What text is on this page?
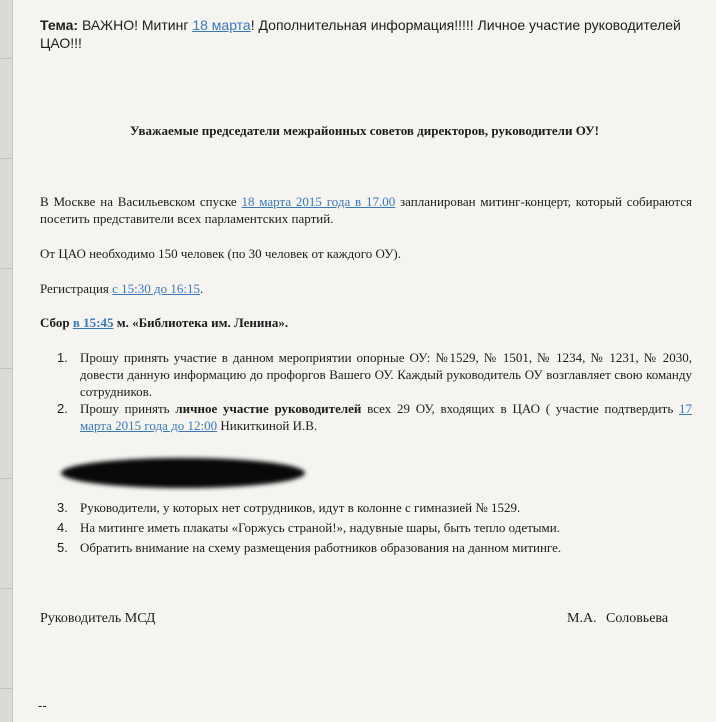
Тема: ВАЖНО! Митинг 18 марта! Дополнительная информация!!!!! Личное участие руководителей ЦАО!!!
Уважаемые председатели межрайонных советов директоров, руководители ОУ!
В Москве на Васильевском спуске 18 марта 2015 года в 17.00 запланирован митинг-концерт, который собираются посетить представители всех парламентских партий.
От ЦАО необходимо 150 человек (по 30 человек от каждого ОУ).
Регистрация с 15:30 до 16:15.
Сбор в 15:45 м. «Библиотека им. Ленина».
1. Прошу принять участие в данном мероприятии опорные ОУ: №1529, № 1501, № 1234, № 1231, № 2030, довести данную информацию до профоргов Вашего ОУ. Каждый руководитель ОУ возглавляет свою команду сотрудников.
2. Прошу принять личное участие руководителей всех 29 ОУ, входящих в ЦАО ( участие подтвердить 17 марта 2015 года до 12:00 Никиткиной И.В.
3. Руководители, у которых нет сотрудников, идут в колонне с гимназией № 1529.
4. На митинге иметь плакаты «Горжусь страной!», надувные шары, быть тепло одетыми.
5. Обратить внимание на схему размещения работников образования на данном митинге.
Руководитель МСД	М.А. Соловьева
--
